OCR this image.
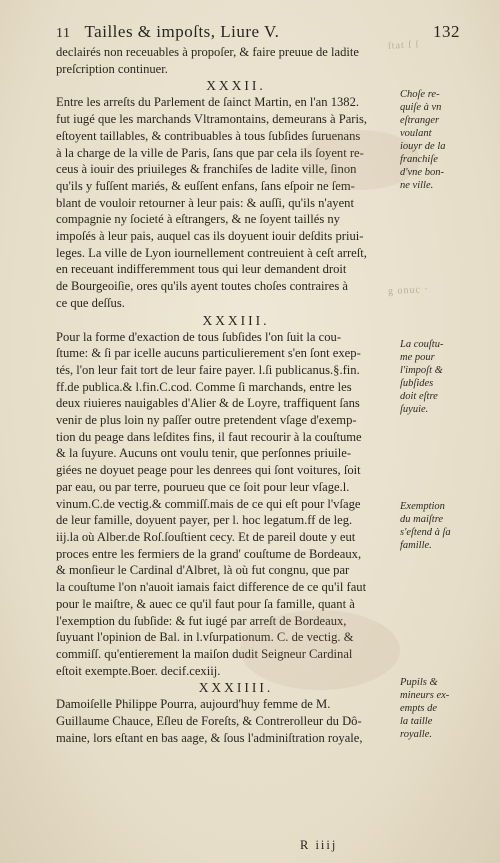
11 Tailles & impoſts, Liure V.	132
ſtat ſ ſ
g onuc ·
declairés non receuables à propoſer, & faire preuue de ladite
preſcription continuer.
XXXII.
Entre les arreſts du Parlement de ſainct Martin, en l'an 1382.
fut iugé que les marchands Vltramontains, demeurans à Paris,
eſtoyent taillables, & contribuables à tous ſubſides ſuruenans
à la charge de la ville de Paris, ſans que par cela ils ſoyent re-
ceus à iouir des priuileges & franchiſes de ladite ville, ſinon
qu'ils y fuſſent mariés, & euſſent enfans, ſans eſpoir ne ſem-
blant de vouloir retourner à leur pais: & auſſi, qu'ils n'ayent
compagnie ny ſocieté à eſtrangers, & ne ſoyent taillés ny
impoſés à leur pais, auquel cas ils doyuent iouir deſdits priui-
leges. La ville de Lyon iournellement contreuient à ceſt arreſt,
en receuant indifferemment tous qui leur demandent droit
de Bourgeoiſie, ores qu'ils ayent toutes choſes contraires à
ce que deſſus.
XXXIII.
Pour la forme d'exaction de tous ſubſides l'on ſuit la cou-
ſtume: & ſi par icelle aucuns particulierement s'en ſont exep-
tés, l'on leur fait tort de leur faire payer. l.ſi publicanus.§.fin.
ff.de publica.& l.fin.C.cod. Comme ſi marchands, entre les
deux riuieres nauigables d'Alier & de Loyre, traffiquent ſans
venir de plus loin ny paſſer outre pretendent vſage d'exemp-
tion du peage dans leſdites fins, il faut recourir à la couſtume
& la ſuyure. Aucuns ont voulu tenir, que perſonnes priuile-
giées ne doyuet peage pour les denrees qui ſont voitures, ſoit
par eau, ou par terre, pourueu que ce ſoit pour leur vſage.l.
vinum.C.de vectig.& commiſſ.mais de ce qui eſt pour l'vſage
de leur famille, doyuent payer, per l. hoc legatum.ff de leg.
iij.la où Alber.de Roſ.ſouſtient cecy. Et de pareil doute y eut
proces entre les fermiers de la grand' couſtume de Bordeaux,
& monſieur le Cardinal d'Albret, là où fut congnu, que par
la couſtume l'on n'auoit iamais faict difference de ce qu'il faut
pour le maiſtre, & auec ce qu'il faut pour ſa famille, quant à
l'exemption du ſubſide: & fut iugé par arreſt de Bordeaux,
ſuyuant l'opinion de Bal. in l.vſurpationum. C. de vectig. &
commiſſ. qu'entierement la maiſon dudit Seigneur Cardinal
eſtoit exempte.Boer. decif.cexiij.
XXXIIII.
Damoiſelle Philippe Pourra, aujourd'huy femme de M.
Guillaume Chauce, Eſleu de Foreſts, & Contrerolleur du Dô-
maine, lors eſtant en bas aage, & ſous l'adminiſtration royale,
Choſe re-
quiſe à vn
eſtranger
voulant
iouyr de la
franchiſe
d'vne bon-
ne ville.
La couſtu-
me pour
l'impoſt &
ſubſides
doit eſtre
ſuyuie.
Exemption
du maiſtre
s'eſtend à ſa
famille.
Pupils &
mineurs ex-
empts de
la taille
royalle.
R iiij
